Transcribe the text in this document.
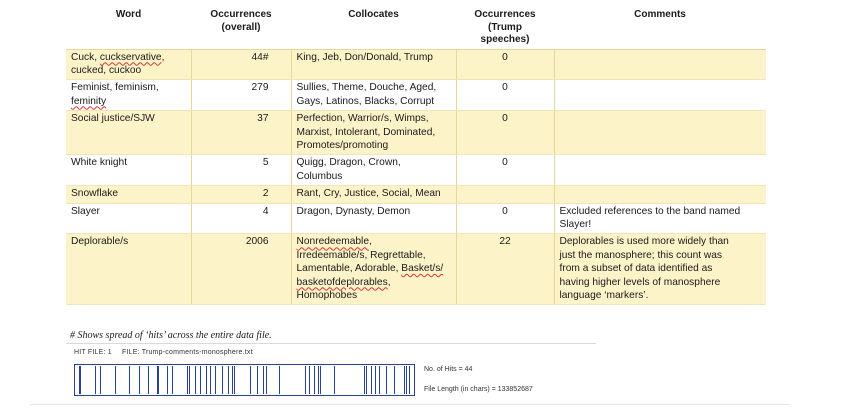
Word	Occurrences
(overall)	Collocates	Occurrences
(Trump
speeches)	Comments
Cuck, cuckservative,
cucked, cuckoo	44#	King, Jeb, Don/Donald, Trump	0	
Feminist, feminism,
feminity	279	Sullies, Theme, Douche, Aged,
Gays, Latinos, Blacks, Corrupt	0	
Social justice/SJW	37	Perfection, Warrior/s, Wimps,
Marxist, Intolerant, Dominated,
Promotes/promoting	0	
White knight	5	Quigg, Dragon, Crown,
Columbus	0	
Snowflake	2	Rant, Cry, Justice, Social, Mean		
Slayer	4	Dragon, Dynasty, Demon	0	Excluded references to the band named
Slayer!
Deplorable/s	2006	Nonredeemable,
Irredeemable/s, Regrettable,
Lamentable, Adorable, Basket/s/
basketofdeplorables,
Homophobes	22	Deplorables is used more widely than
just the manosphere; this count was
from a subset of data identified as
having higher levels of manosphere
language ‘markers’.
# Shows spread of ‘hits’ across the entire data file.
HIT FILE: 1 FILE: Trump-comments-monosphere.txt
No. of Hits = 44
File Length (in chars) = 133852687
